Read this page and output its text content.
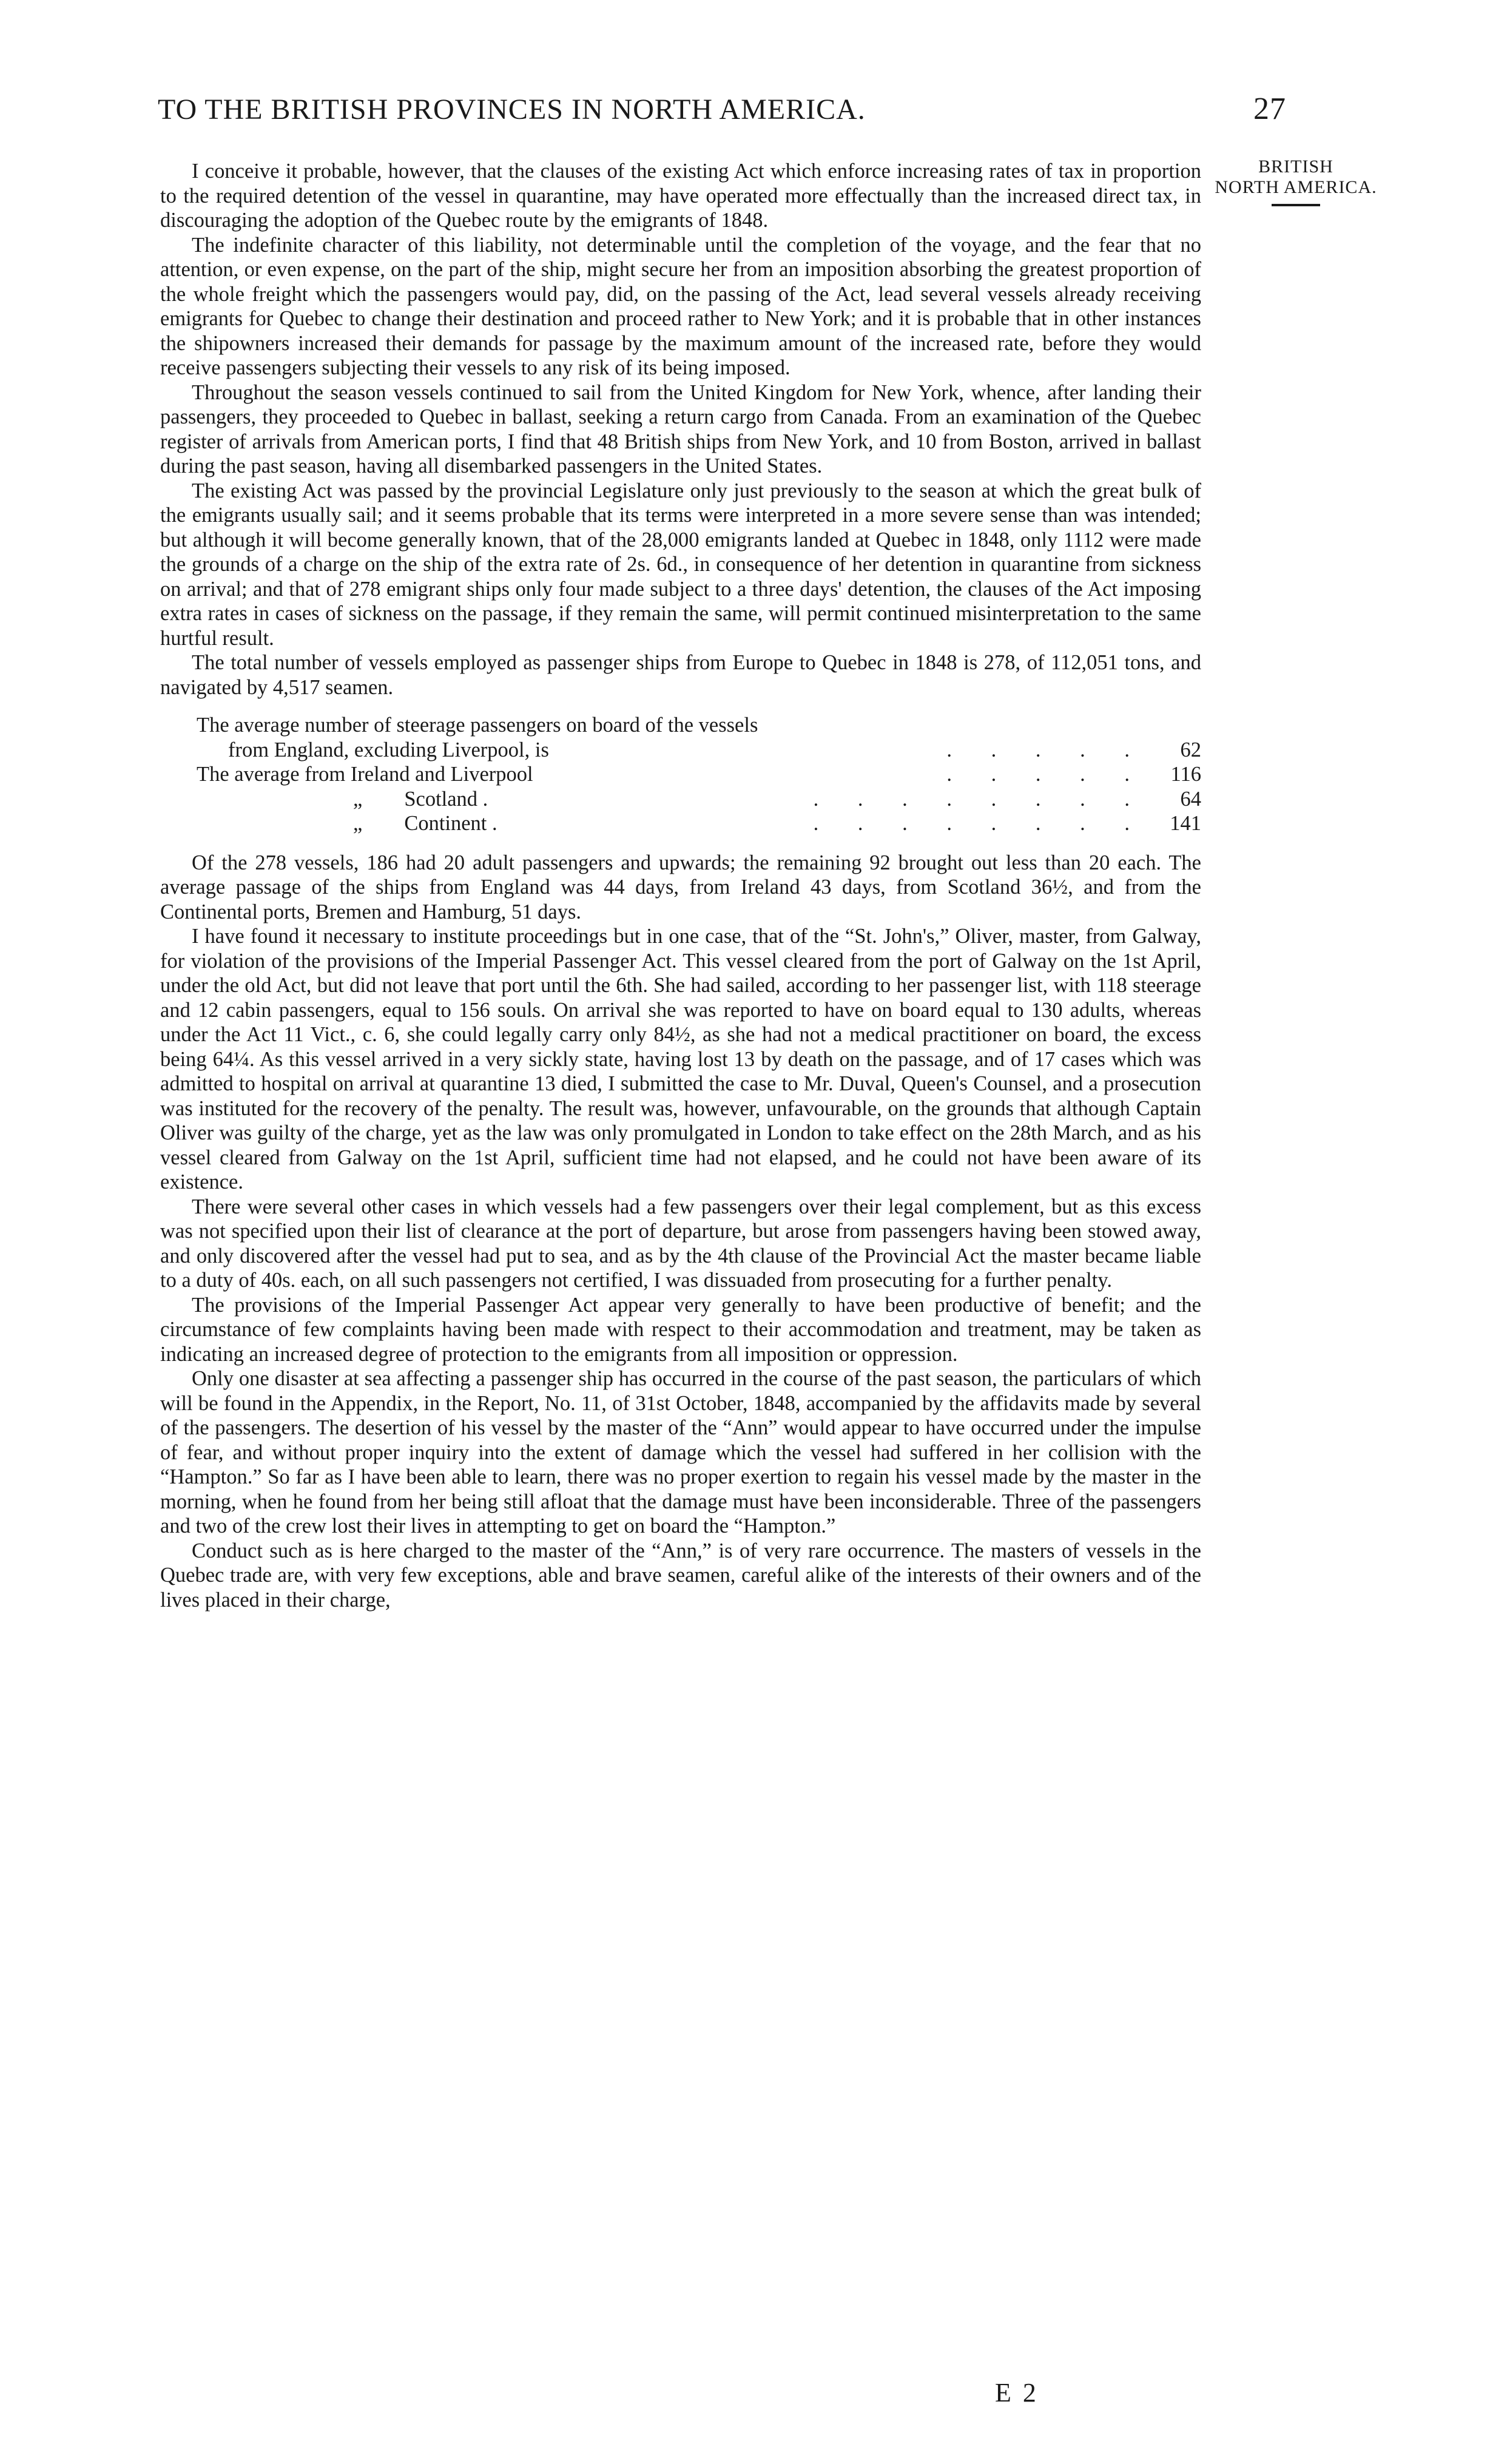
TO THE BRITISH PROVINCES IN NORTH AMERICA.	27
BRITISH
NORTH AMERICA.

I conceive it probable, however, that the clauses of the existing Act which enforce increasing rates of tax in proportion to the required detention of the vessel in quarantine, may have operated more effectually than the increased direct tax, in discouraging the adoption of the Quebec route by the emigrants of 1848.

The indefinite character of this liability, not determinable until the completion of the voyage, and the fear that no attention, or even expense, on the part of the ship, might secure her from an imposition absorbing the greatest proportion of the whole freight which the passengers would pay, did, on the passing of the Act, lead several vessels already receiving emigrants for Quebec to change their destination and proceed rather to New York; and it is probable that in other instances the shipowners increased their demands for passage by the maximum amount of the increased rate, before they would receive passengers subjecting their vessels to any risk of its being imposed.

Throughout the season vessels continued to sail from the United Kingdom for New York, whence, after landing their passengers, they proceeded to Quebec in ballast, seeking a return cargo from Canada. From an examination of the Quebec register of arrivals from American ports, I find that 48 British ships from New York, and 10 from Boston, arrived in ballast during the past season, having all disembarked passengers in the United States.

The existing Act was passed by the provincial Legislature only just previously to the season at which the great bulk of the emigrants usually sail; and it seems probable that its terms were interpreted in a more severe sense than was intended; but although it will become generally known, that of the 28,000 emigrants landed at Quebec in 1848, only 1112 were made the grounds of a charge on the ship of the extra rate of 2s. 6d., in consequence of her detention in quarantine from sickness on arrival; and that of 278 emigrant ships only four made subject to a three days' detention, the clauses of the Act imposing extra rates in cases of sickness on the passage, if they remain the same, will permit continued misinterpretation to the same hurtful result.

The total number of vessels employed as passenger ships from Europe to Quebec in 1848 is 278, of 112,051 tons, and navigated by 4,517 seamen.

The average number of steerage passengers on board of the vessels
from England, excluding Liverpool, is	. . . . .	62
The average from Ireland and Liverpool	. . . . .	116
„        Scotland .	. . . . . . . .	64
„        Continent .	. . . . . . . .	141

Of the 278 vessels, 186 had 20 adult passengers and upwards; the remaining 92 brought out less than 20 each. The average passage of the ships from England was 44 days, from Ireland 43 days, from Scotland 36½, and from the Continental ports, Bremen and Hamburg, 51 days.

I have found it necessary to institute proceedings but in one case, that of the “St. John's,” Oliver, master, from Galway, for violation of the provisions of the Imperial Passenger Act. This vessel cleared from the port of Galway on the 1st April, under the old Act, but did not leave that port until the 6th. She had sailed, according to her passenger list, with 118 steerage and 12 cabin passengers, equal to 156 souls. On arrival she was reported to have on board equal to 130 adults, whereas under the Act 11 Vict., c. 6, she could legally carry only 84½, as she had not a medical practitioner on board, the excess being 64¼. As this vessel arrived in a very sickly state, having lost 13 by death on the passage, and of 17 cases which was admitted to hospital on arrival at quarantine 13 died, I submitted the case to Mr. Duval, Queen's Counsel, and a prosecution was instituted for the recovery of the penalty. The result was, however, unfavourable, on the grounds that although Captain Oliver was guilty of the charge, yet as the law was only promulgated in London to take effect on the 28th March, and as his vessel cleared from Galway on the 1st April, sufficient time had not elapsed, and he could not have been aware of its existence.

There were several other cases in which vessels had a few passengers over their legal complement, but as this excess was not specified upon their list of clearance at the port of departure, but arose from passengers having been stowed away, and only discovered after the vessel had put to sea, and as by the 4th clause of the Provincial Act the master became liable to a duty of 40s. each, on all such passengers not certified, I was dissuaded from prosecuting for a further penalty.

The provisions of the Imperial Passenger Act appear very generally to have been productive of benefit; and the circumstance of few complaints having been made with respect to their accommodation and treatment, may be taken as indicating an increased degree of protection to the emigrants from all imposition or oppression.

Only one disaster at sea affecting a passenger ship has occurred in the course of the past season, the particulars of which will be found in the Appendix, in the Report, No. 11, of 31st October, 1848, accompanied by the affidavits made by several of the passengers. The desertion of his vessel by the master of the “Ann” would appear to have occurred under the impulse of fear, and without proper inquiry into the extent of damage which the vessel had suffered in her collision with the “Hampton.” So far as I have been able to learn, there was no proper exertion to regain his vessel made by the master in the morning, when he found from her being still afloat that the damage must have been inconsiderable. Three of the passengers and two of the crew lost their lives in attempting to get on board the “Hampton.”

Conduct such as is here charged to the master of the “Ann,” is of very rare occurrence. The masters of vessels in the Quebec trade are, with very few exceptions, able and brave seamen, careful alike of the interests of their owners and of the lives placed in their charge,

E 2
